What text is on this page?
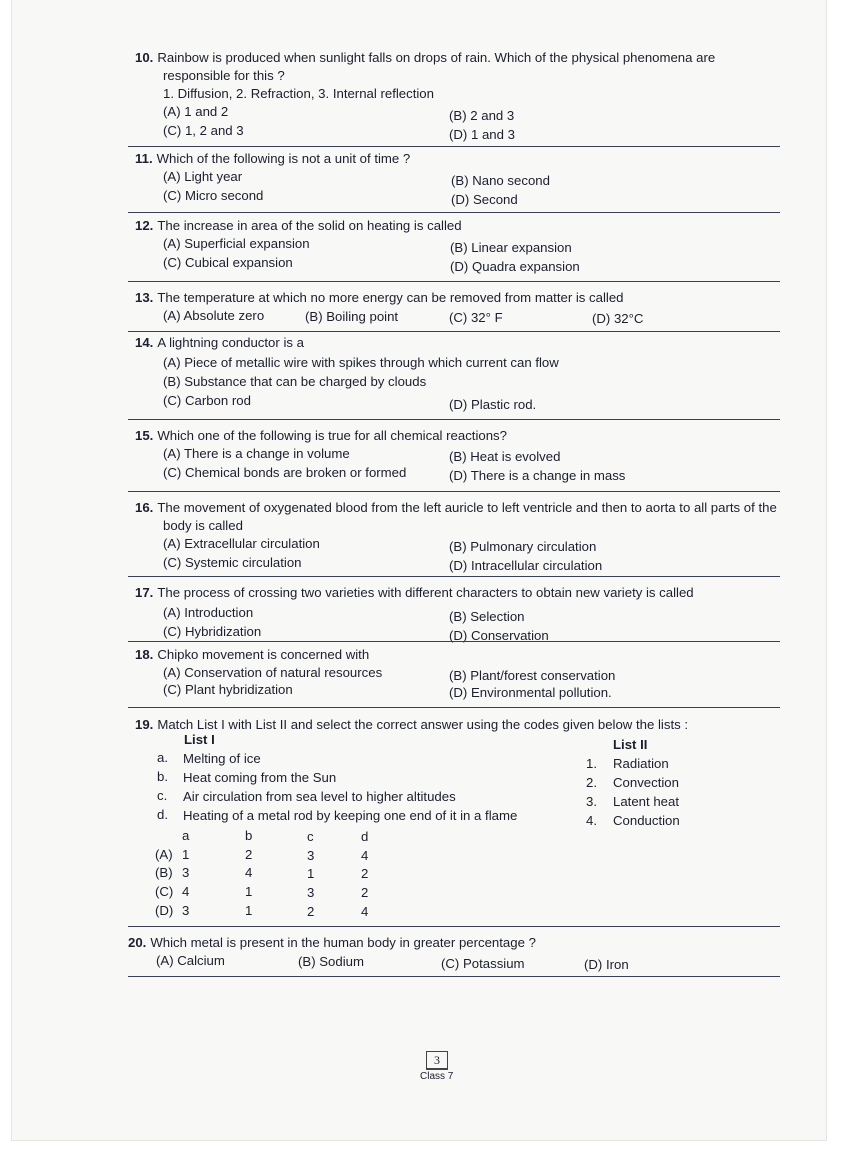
10. Rainbow is produced when sunlight falls on drops of rain. Which of the physical phenomena are responsible for this ?
1. Diffusion, 2. Refraction, 3. Internal reflection
(A) 1 and 2	(B) 2 and 3
(C) 1, 2 and 3	(D) 1 and 3
11. Which of the following is not a unit of time ?
(A) Light year	(B) Nano second
(C) Micro second	(D) Second
12. The increase in area of the solid on heating is called
(A) Superficial expansion	(B) Linear expansion
(C) Cubical expansion	(D) Quadra expansion
13. The temperature at which no more energy can be removed from matter is called
(A) Absolute zero	(B) Boiling point	(C) 32° F	(D) 32°C
14. A lightning conductor is a
(A) Piece of metallic wire with spikes through which current can flow
(B) Substance that can be charged by clouds
(C) Carbon rod	(D) Plastic rod.
15. Which one of the following is true for all chemical reactions?
(A) There is a change in volume	(B) Heat is evolved
(C) Chemical bonds are broken or formed	(D) There is a change in mass
16. The movement of oxygenated blood from the left auricle to left ventricle and then to aorta to all parts of the body is called
(A) Extracellular circulation	(B) Pulmonary circulation
(C) Systemic circulation	(D) Intracellular circulation
17. The process of crossing two varieties with different characters to obtain new variety is called
(A) Introduction	(B) Selection
(C) Hybridization	(D) Conservation
18. Chipko movement is concerned with
(A) Conservation of natural resources	(B) Plant/forest conservation
(C) Plant hybridization	(D) Environmental pollution.
19. Match List I with List II and select the correct answer using the codes given below the lists :
List I	List II
a. Melting of ice
b. Heat coming from the Sun
c. Air circulation from sea level to higher altitudes
d. Heating of a metal rod by keeping one end of it in a flame
1. Radiation
2. Convection
3. Latent heat
4. Conduction
a	b	c	d
(A) 1	2	3	4
(B) 3	4	1	2
(C) 4	1	3	2
(D) 3	1	2	4
20. Which metal is present in the human body in greater percentage ?
(A) Calcium	(B) Sodium	(C) Potassium	(D) Iron
3
Class 7
